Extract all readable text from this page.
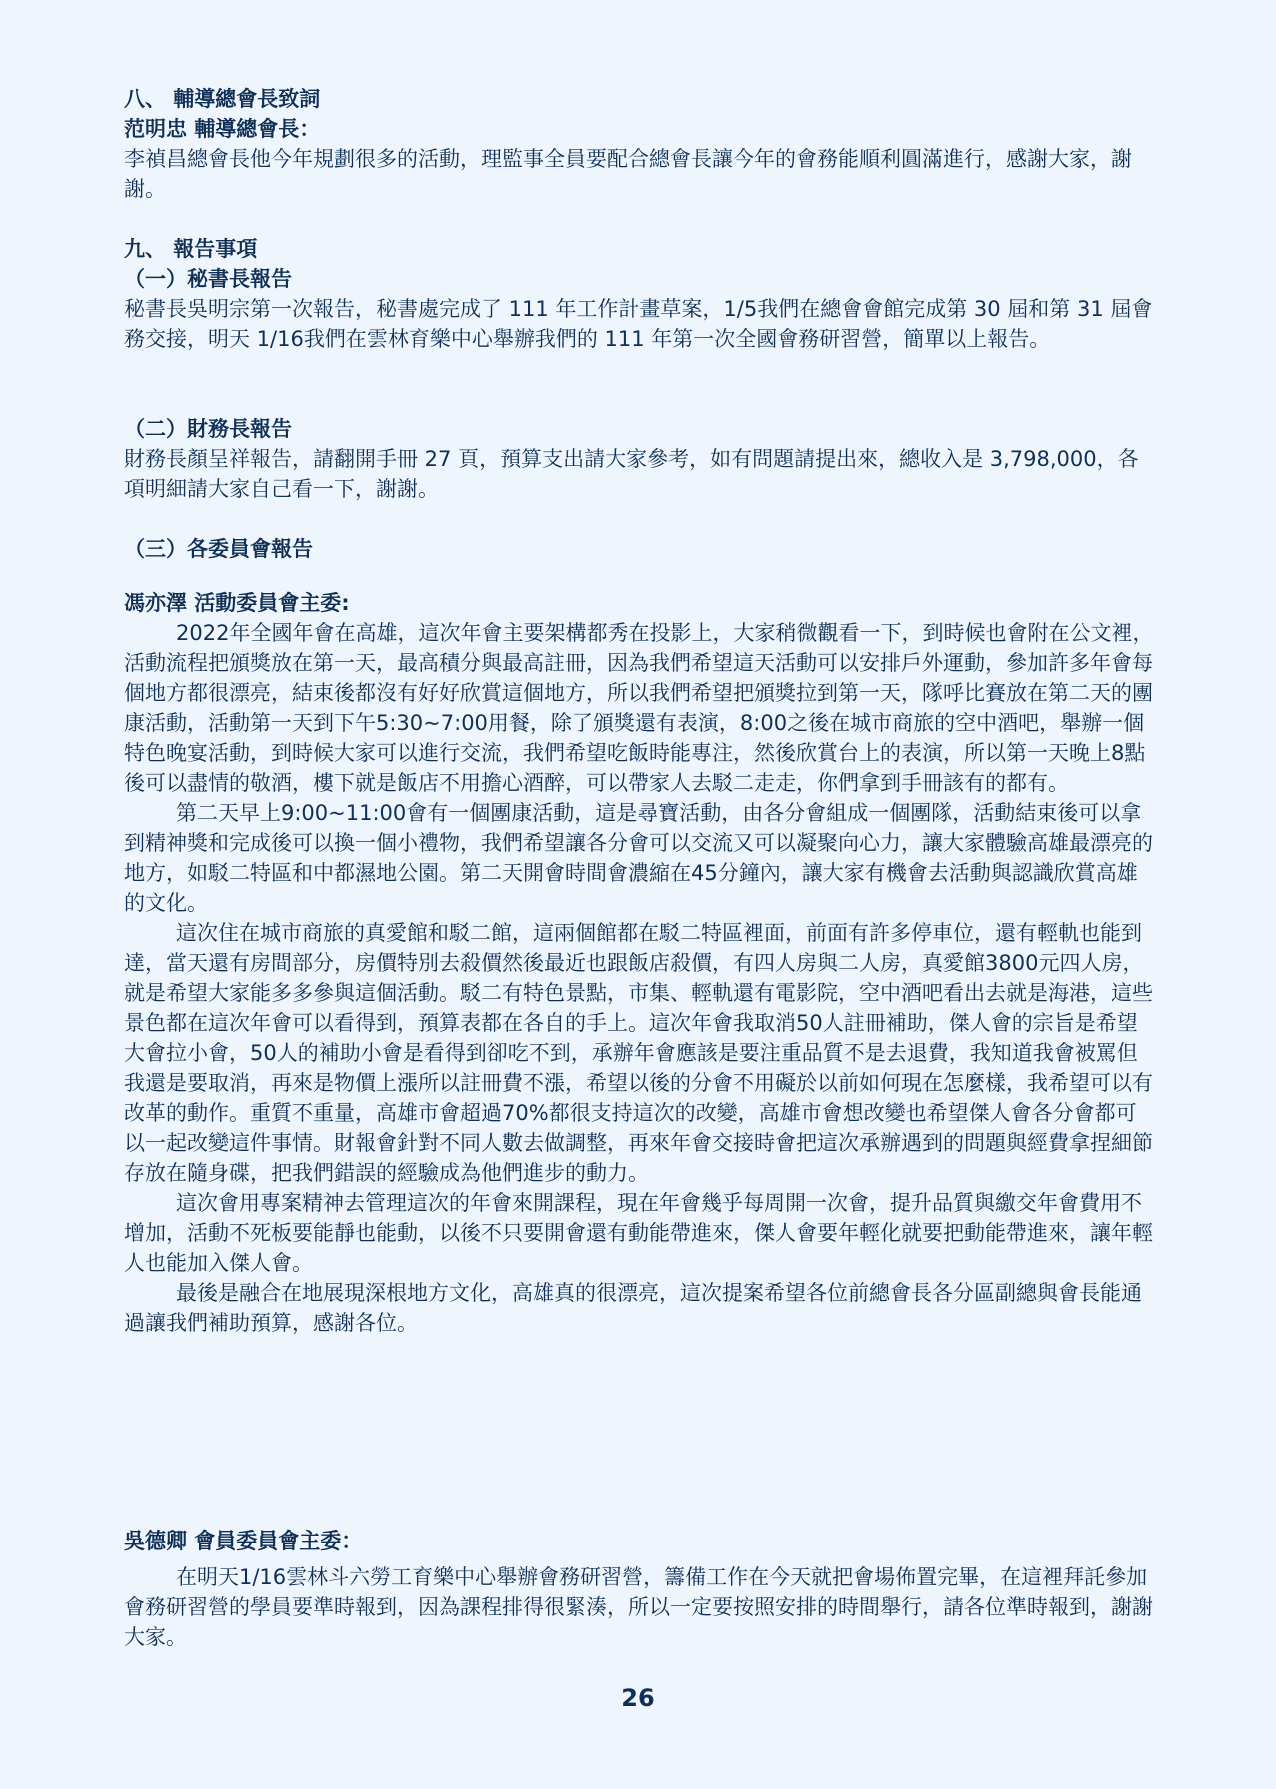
八、 輔導總會長致詞

范明忠 輔導總會長：

李禎昌總會長他今年規劃很多的活動，理監事全員要配合總會長讓今年的會務能順利圓滿進行，感謝大家，謝謝。

九、 報告事項

（一）秘書長報告

秘書長吳明宗第一次報告，秘書處完成了 111 年工作計畫草案，1/5我們在總會會館完成第 30 屆和第 31 屆會務交接，明天 1/16我們在雲林育樂中心舉辦我們的 111 年第一次全國會務研習營，簡單以上報告。

（二）財務長報告

財務長顏呈祥報告，請翻開手冊 27 頁，預算支出請大家參考，如有問題請提出來，總收入是 3,798,000，各項明細請大家自己看一下，謝謝。

（三）各委員會報告

馮亦澤 活動委員會主委:

2022年全國年會在高雄，這次年會主要架構都秀在投影上，大家稍微觀看一下，到時候也會附在公文裡，活動流程把頒獎放在第一天，最高積分與最高註冊，因為我們希望這天活動可以安排戶外運動，參加許多年會每個地方都很漂亮，結束後都沒有好好欣賞這個地方，所以我們希望把頒獎拉到第一天，隊呼比賽放在第二天的團康活動，活動第一天到下午5:30~7:00用餐，除了頒獎還有表演，8:00之後在城市商旅的空中酒吧，舉辦一個特色晚宴活動，到時候大家可以進行交流，我們希望吃飯時能專注，然後欣賞台上的表演，所以第一天晚上8點後可以盡情的敬酒，樓下就是飯店不用擔心酒醉，可以帶家人去駁二走走，你們拿到手冊該有的都有。

第二天早上9:00~11:00會有一個團康活動，這是尋寶活動，由各分會組成一個團隊，活動結束後可以拿到精神獎和完成後可以換一個小禮物，我們希望讓各分會可以交流又可以凝聚向心力，讓大家體驗高雄最漂亮的地方，如駁二特區和中都濕地公園。第二天開會時間會濃縮在45分鐘內，讓大家有機會去活動與認識欣賞高雄的文化。

這次住在城市商旅的真愛館和駁二館，這兩個館都在駁二特區裡面，前面有許多停車位，還有輕軌也能到達，當天還有房間部分，房價特別去殺價然後最近也跟飯店殺價，有四人房與二人房，真愛館3800元四人房，就是希望大家能多多參與這個活動。駁二有特色景點，市集、輕軌還有電影院，空中酒吧看出去就是海港，這些景色都在這次年會可以看得到，預算表都在各自的手上。這次年會我取消50人註冊補助，傑人會的宗旨是希望大會拉小會，50人的補助小會是看得到卻吃不到，承辦年會應該是要注重品質不是去退費，我知道我會被罵但我還是要取消，再來是物價上漲所以註冊費不漲，希望以後的分會不用礙於以前如何現在怎麼樣，我希望可以有改革的動作。重質不重量，高雄市會超過70%都很支持這次的改變，高雄市會想改變也希望傑人會各分會都可以一起改變這件事情。財報會針對不同人數去做調整，再來年會交接時會把這次承辦遇到的問題與經費拿捏細節存放在隨身碟，把我們錯誤的經驗成為他們進步的動力。

這次會用專案精神去管理這次的年會來開課程，現在年會幾乎每周開一次會，提升品質與繳交年會費用不增加，活動不死板要能靜也能動，以後不只要開會還有動能帶進來，傑人會要年輕化就要把動能帶進來，讓年輕人也能加入傑人會。

最後是融合在地展現深根地方文化，高雄真的很漂亮，這次提案希望各位前總會長各分區副總與會長能通過讓我們補助預算，感謝各位。

吳德卿 會員委員會主委：

在明天1/16雲林斗六勞工育樂中心舉辦會務研習營，籌備工作在今天就把會場佈置完畢，在這裡拜託參加會務研習營的學員要準時報到，因為課程排得很緊湊，所以一定要按照安排的時間舉行，請各位準時報到，謝謝大家。

26
